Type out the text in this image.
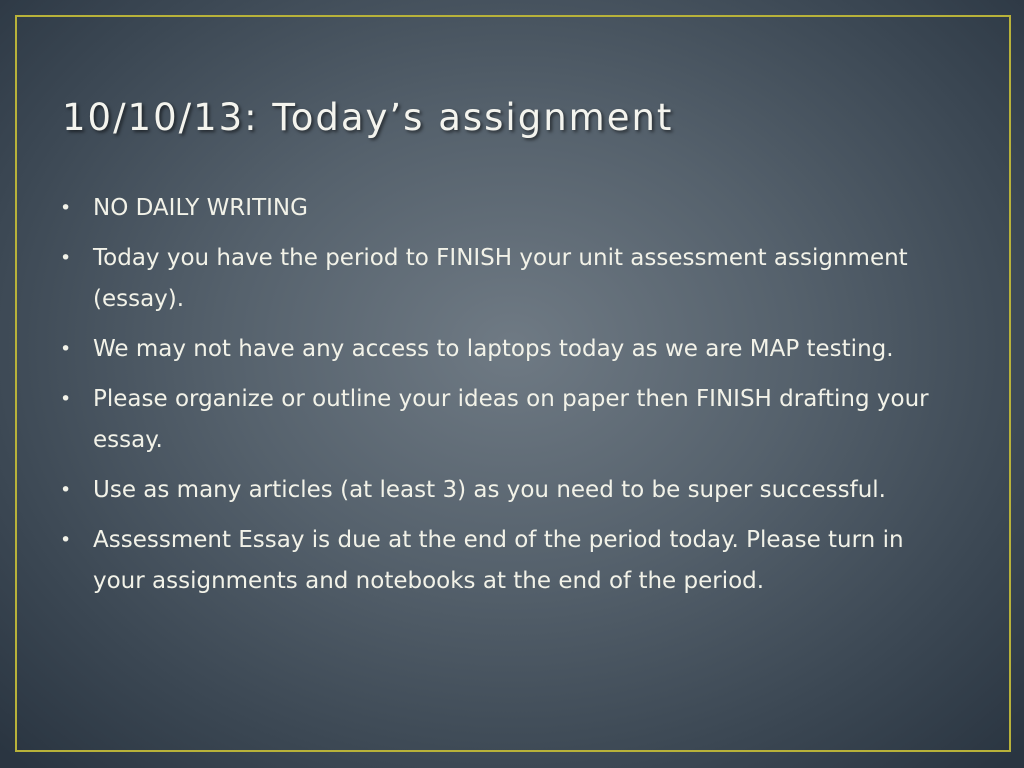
10/10/13: Today’s assignment
• NO DAILY WRITING
• Today you have the period to FINISH your unit assessment assignment (essay).
• We may not have any access to laptops today as we are MAP testing.
• Please organize or outline your ideas on paper then FINISH drafting your essay.
• Use as many articles (at least 3) as you need to be super successful.
• Assessment Essay is due at the end of the period today. Please turn in your assignments and notebooks at the end of the period.
